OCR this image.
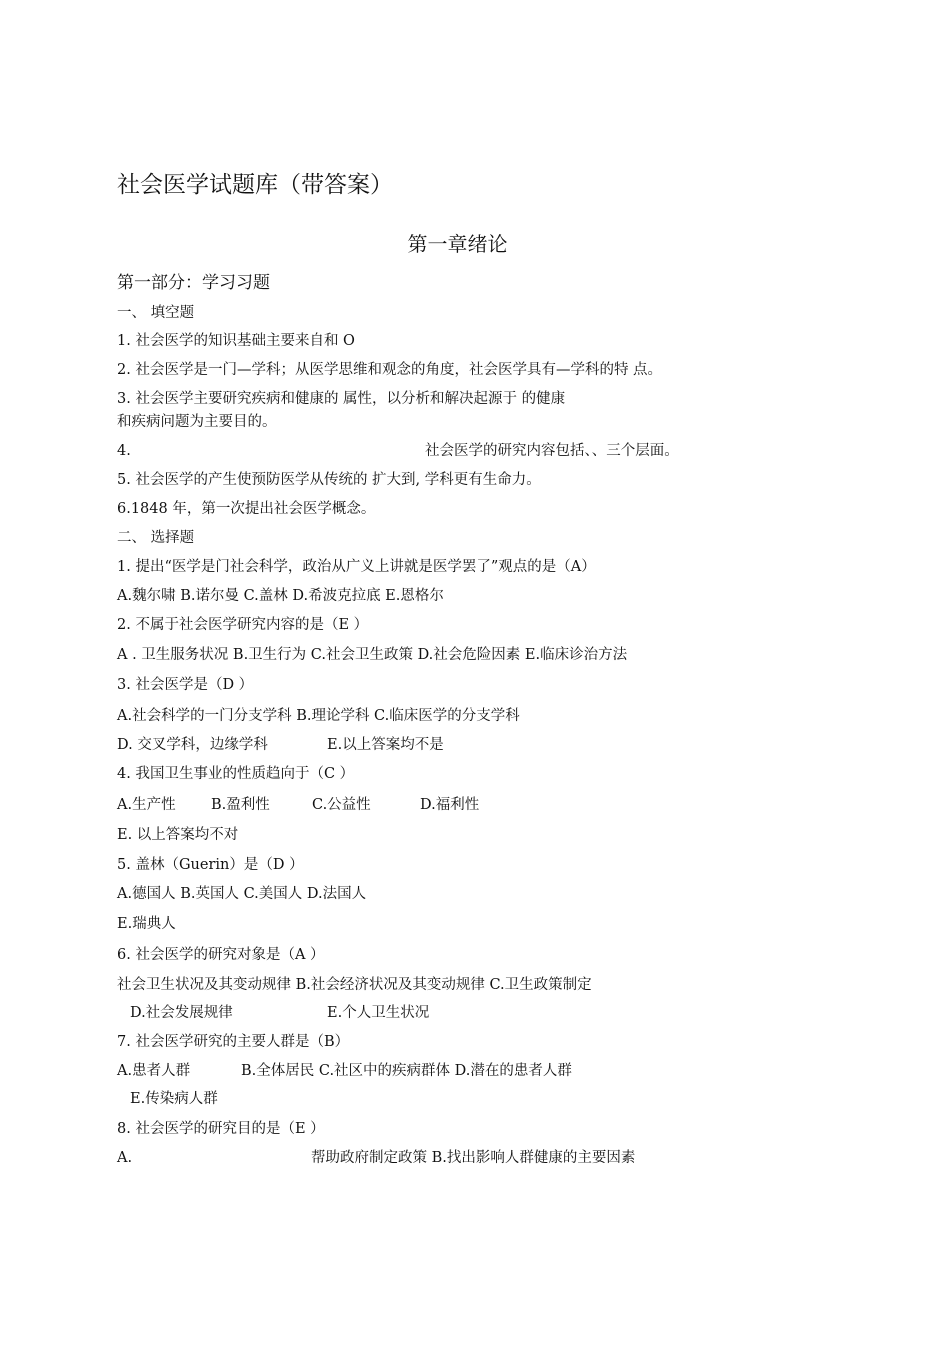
社会医学试题库（带答案）
第一章绪论
第一部分：学习习题
一、 填空题
1. 社会医学的知识基础主要来自和 O
2. 社会医学是一门—学科；从医学思维和观念的角度，社会医学具有—学科的特 点。
3. 社会医学主要研究疾病和健康的 属性，以分析和解决起源于 的健康
和疾病问题为主要目的。
4.	社会医学的研究内容包括、、三个层面。
5. 社会医学的产生使预防医学从传统的 扩大到, 学科更有生命力。
6.1848 年，第一次提出社会医学概念。
二、 选择题
1. 提出“医学是门社会科学，政治从广义上讲就是医学罢了”观点的是（A）
A.魏尔啸 B.诺尔曼 C.盖林 D.希波克拉底 E.恩格尔
2. 不属于社会医学研究内容的是（E ）
A . 卫生服务状况 B.卫生行为 C.社会卫生政策 D.社会危险因素 E.临床诊治方法
3. 社会医学是（D ）
A.社会科学的一门分支学科 B.理论学科 C.临床医学的分支学科
D. 交叉学科，边缘学科	E.以上答案均不是
4. 我国卫生事业的性质趋向于（C ）
A.生产性 B.盈利性	C.公益性	D.福利性
E. 以上答案均不对
5. 盖林（Guerin）是（D ）
A.德国人 B.英国人 C.美国人 D.法国人
E.瑞典人
6. 社会医学的研究对象是（A ）
社会卫生状况及其变动规律 B.社会经济状况及其变动规律 C.卫生政策制定
D.社会发展规律	E.个人卫生状况
7. 社会医学研究的主要人群是（B）
A.患者人群	B.全体居民 C.社区中的疾病群体 D.潜在的患者人群
E.传染病人群
8. 社会医学的研究目的是（E ）
A.	帮助政府制定政策 B.找出影响人群健康的主要因素
